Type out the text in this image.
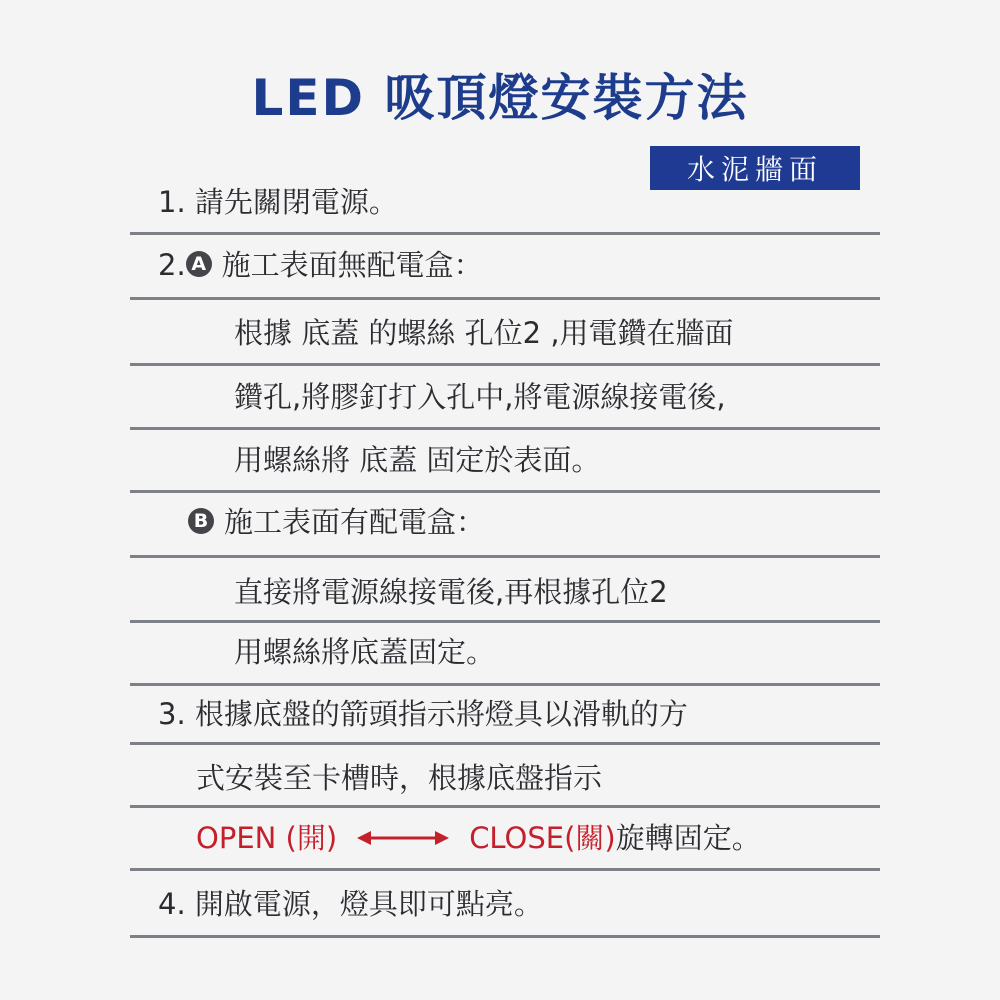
LED 吸頂燈安裝方法
水泥牆面
1. 請先關閉電源。
2. A 施工表面無配電盒：
根據 底蓋 的螺絲 孔位2 ,用電鑽在牆面
鑽孔,將膠釘打入孔中,將電源線接電後,
用螺絲將 底蓋 固定於表面。
B 施工表面有配電盒：
直接將電源線接電後,再根據孔位2
用螺絲將底蓋固定。
3. 根據底盤的箭頭指示將燈具以滑軌的方
式安裝至卡槽時，根據底盤指示
OPEN (開)	CLOSE(關)旋轉固定。
4. 開啟電源，燈具即可點亮。
